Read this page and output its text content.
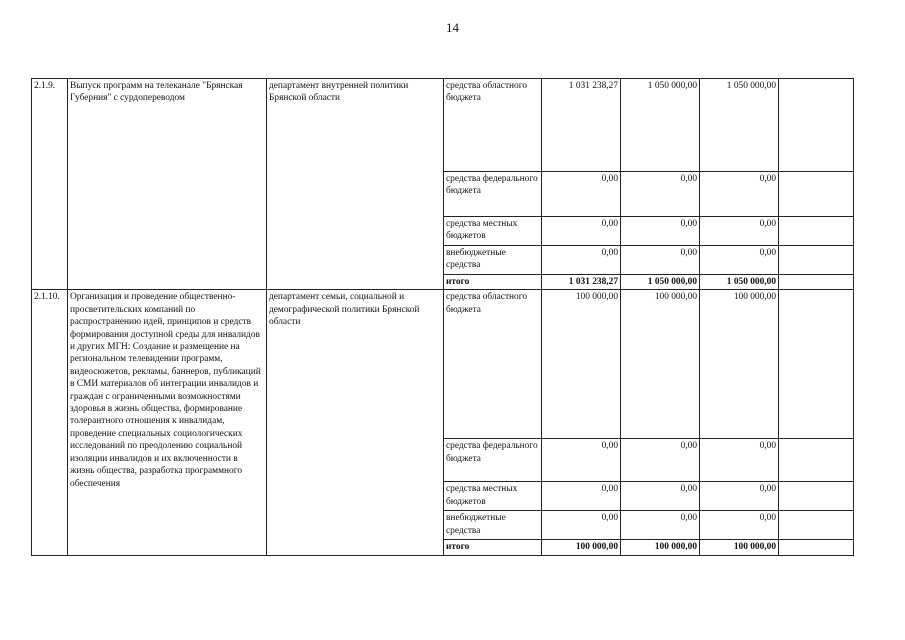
14
2.1.9.	Выпуск программ на телеканале "Брянская Губерния" с сурдопереводом	департамент внутренней политики Брянской области	средства областного бюджета	1 031 238,27	1 050 000,00	1 050 000,00	
			средства федерального бюджета	0,00	0,00	0,00	
			средства местных бюджетов	0,00	0,00	0,00	
			внебюджетные средства	0,00	0,00	0,00	
			итого	1 031 238,27	1 050 000,00	1 050 000,00	
2.1.10.	Организация и проведение общественно-просветительских компаний по распространению идей, принципов и средств формирования доступной среды для инвалидов и других МГН: Создание и размещение на региональном телевидении программ, видеосюжетов, рекламы, баннеров, публикаций в СМИ материалов об интеграции инвалидов и граждан с ограниченными возможностями здоровья в жизнь общества, формирование толерантного отношения к инвалидам, проведение специальных социологических исследований по преодолению социальной изоляции инвалидов и их включенности в жизнь общества, разработка программного обеспечения	департамент семьи, социальной и демографической политики Брянской области	средства областного бюджета	100 000,00	100 000,00	100 000,00	
			средства федерального бюджета	0,00	0,00	0,00	
			средства местных бюджетов	0,00	0,00	0,00	
			внебюджетные средства	0,00	0,00	0,00	
			итого	100 000,00	100 000,00	100 000,00	
